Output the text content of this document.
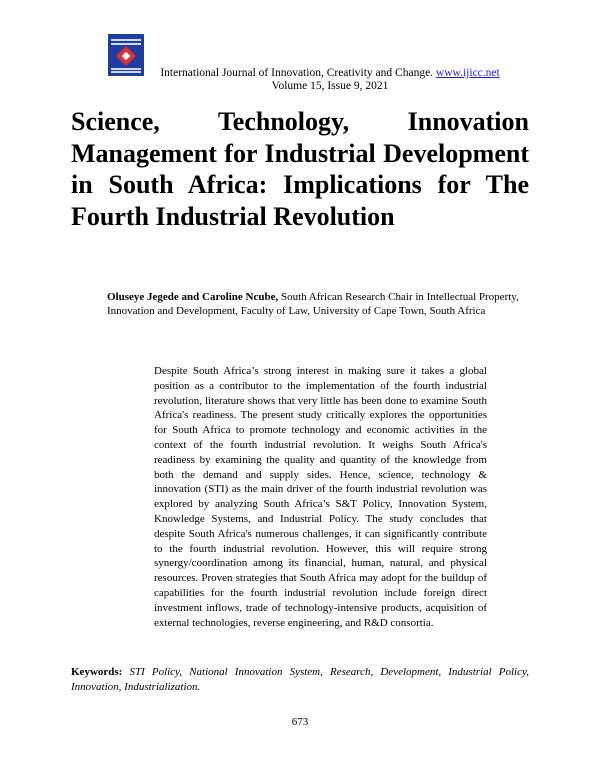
International Journal of Innovation, Creativity and Change. www.ijicc.net
Volume 15, Issue 9, 2021
Science, Technology, Innovation Management for Industrial Development in South Africa: Implications for The Fourth Industrial Revolution

Oluseye Jegede and Caroline Ncube, South African Research Chair in Intellectual Property, Innovation and Development, Faculty of Law, University of Cape Town, South Africa

Despite South Africa’s strong interest in making sure it takes a global position as a contributor to the implementation of the fourth industrial revolution, literature shows that very little has been done to examine South Africa's readiness. The present study critically explores the opportunities for South Africa to promote technology and economic activities in the context of the fourth industrial revolution. It weighs South Africa's readiness by examining the quality and quantity of the knowledge from both the demand and supply sides. Hence, science, technology & innovation (STI) as the main driver of the fourth industrial revolution was explored by analyzing South Africa’s S&T Policy, Innovation System, Knowledge Systems, and Industrial Policy. The study concludes that despite South Africa's numerous challenges, it can significantly contribute to the fourth industrial revolution. However, this will require strong synergy/coordination among its financial, human, natural, and physical resources. Proven strategies that South Africa may adopt for the buildup of capabilities for the fourth industrial revolution include foreign direct investment inflows, trade of technology-intensive products, acquisition of external technologies, reverse engineering, and R&D consortia.

Keywords: STI Policy, National Innovation System, Research, Development, Industrial Policy, Innovation, Industrialization.

673
